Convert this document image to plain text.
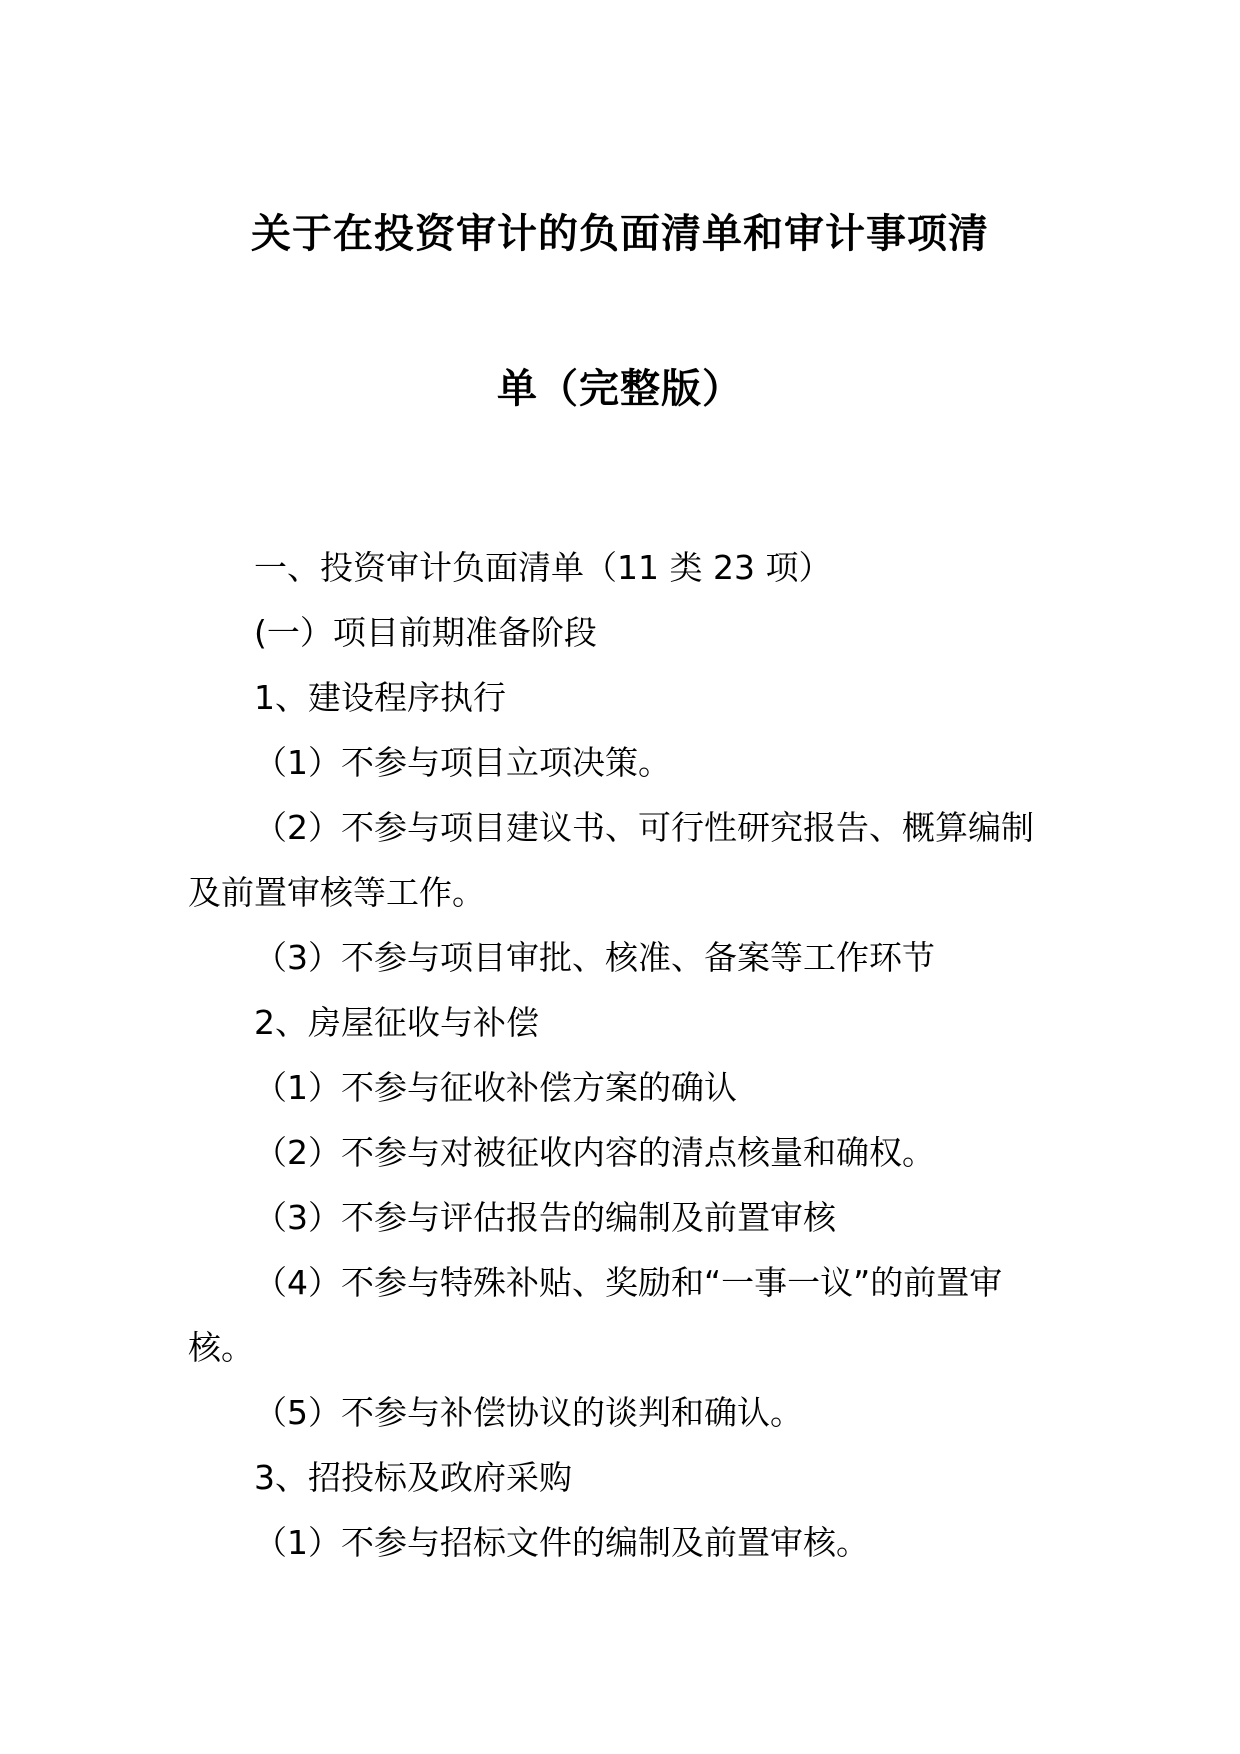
关于在投资审计的负面清单和审计事项清
单（完整版）
一、投资审计负面清单（11 类 23 项）
(一）项目前期准备阶段
1、建设程序执行
（1）不参与项目立项决策。
（2）不参与项目建议书、可行性研究报告、概算编制
及前置审核等工作。
（3）不参与项目审批、核准、备案等工作环节
2、房屋征收与补偿
（1）不参与征收补偿方案的确认
（2）不参与对被征收内容的清点核量和确权。
（3）不参与评估报告的编制及前置审核
（4）不参与特殊补贴、奖励和“一事一议”的前置审
核。
（5）不参与补偿协议的谈判和确认。
3、招投标及政府采购
（1）不参与招标文件的编制及前置审核。
